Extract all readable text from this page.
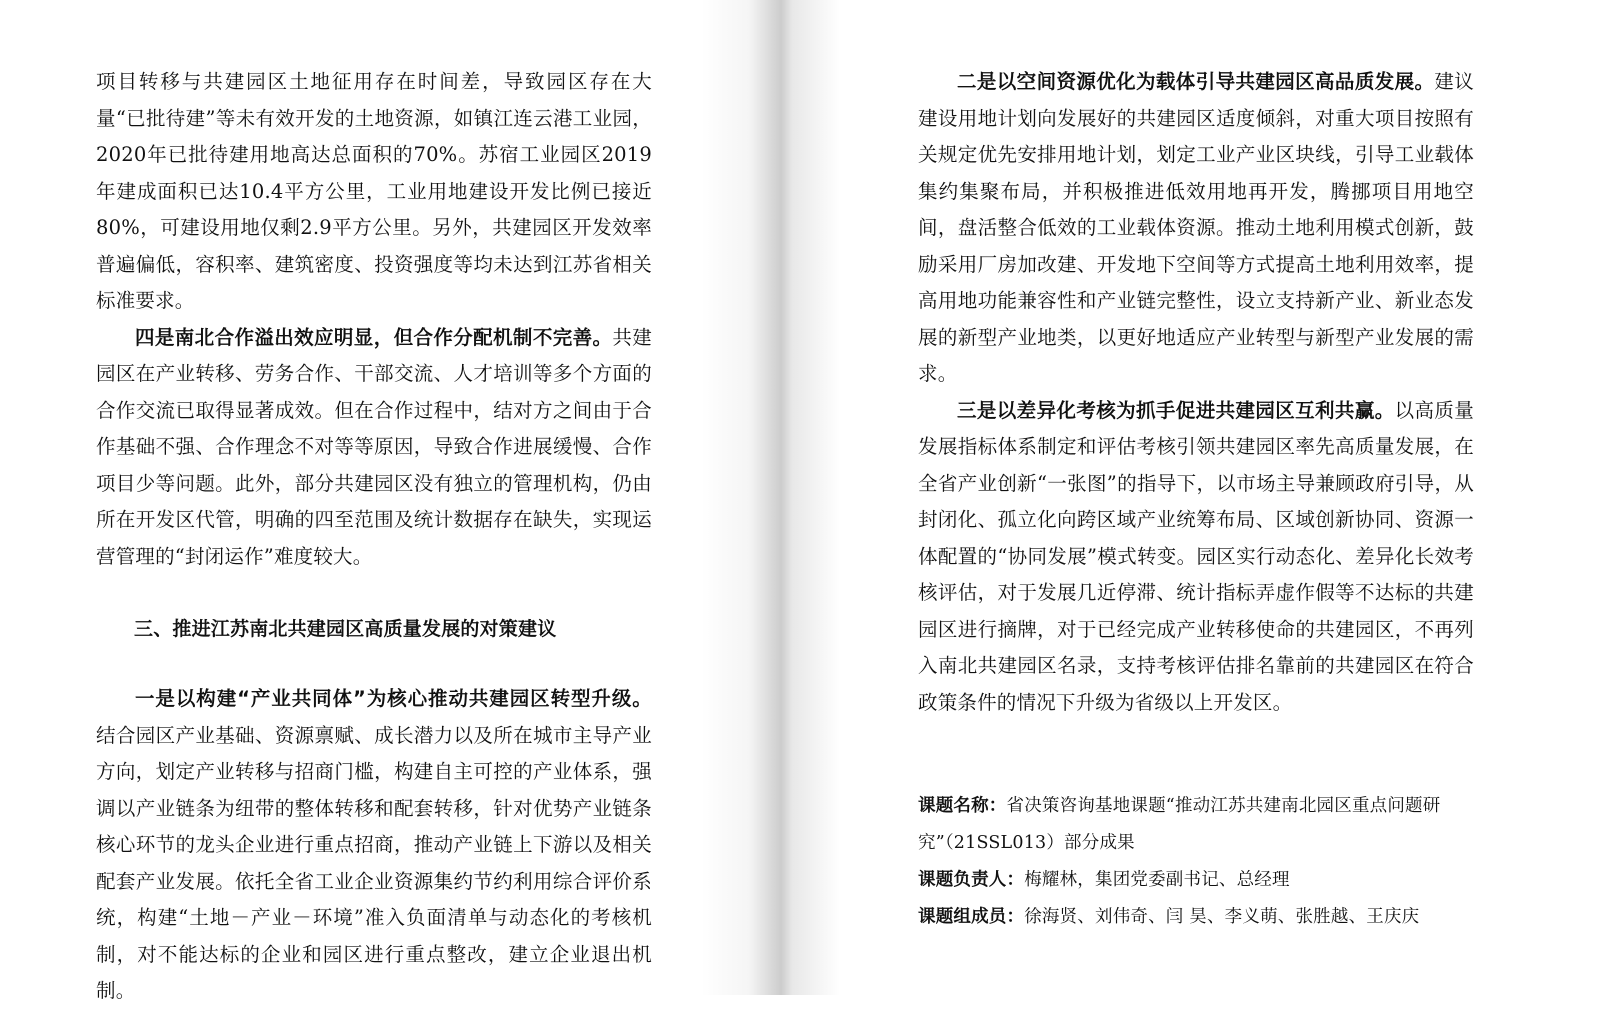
项目转移与共建园区土地征用存在时间差，导致园区存在大量“已批待建”等未有效开发的土地资源，如镇江连云港工业园，2020年已批待建用地高达总面积的70%。苏宿工业园区2019年建成面积已达10.4平方公里，工业用地建设开发比例已接近80%，可建设用地仅剩2.9平方公里。另外，共建园区开发效率普遍偏低，容积率、建筑密度、投资强度等均未达到江苏省相关标准要求。

四是南北合作溢出效应明显，但合作分配机制不完善。共建园区在产业转移、劳务合作、干部交流、人才培训等多个方面的合作交流已取得显著成效。但在合作过程中，结对方之间由于合作基础不强、合作理念不对等等原因，导致合作进展缓慢、合作项目少等问题。此外，部分共建园区没有独立的管理机构，仍由所在开发区代管，明确的四至范围及统计数据存在缺失，实现运营管理的“封闭运作”难度较大。

三、推进江苏南北共建园区高质量发展的对策建议

一是以构建“产业共同体”为核心推动共建园区转型升级。结合园区产业基础、资源禀赋、成长潜力以及所在城市主导产业方向，划定产业转移与招商门槛，构建自主可控的产业体系，强调以产业链条为纽带的整体转移和配套转移，针对优势产业链条核心环节的龙头企业进行重点招商，推动产业链上下游以及相关配套产业发展。依托全省工业企业资源集约节约利用综合评价系统，构建“土地－产业－环境”准入负面清单与动态化的考核机制，对不能达标的企业和园区进行重点整改，建立企业退出机制。

二是以空间资源优化为载体引导共建园区高品质发展。建议建设用地计划向发展好的共建园区适度倾斜，对重大项目按照有关规定优先安排用地计划，划定工业产业区块线，引导工业载体集约集聚布局，并积极推进低效用地再开发，腾挪项目用地空间，盘活整合低效的工业载体资源。推动土地利用模式创新，鼓励采用厂房加改建、开发地下空间等方式提高土地利用效率，提高用地功能兼容性和产业链完整性，设立支持新产业、新业态发展的新型产业地类，以更好地适应产业转型与新型产业发展的需求。

三是以差异化考核为抓手促进共建园区互利共赢。以高质量发展指标体系制定和评估考核引领共建园区率先高质量发展，在全省产业创新“一张图”的指导下，以市场主导兼顾政府引导，从封闭化、孤立化向跨区域产业统筹布局、区域创新协同、资源一体配置的“协同发展”模式转变。园区实行动态化、差异化长效考核评估，对于发展几近停滞、统计指标弄虚作假等不达标的共建园区进行摘牌，对于已经完成产业转移使命的共建园区，不再列入南北共建园区名录，支持考核评估排名靠前的共建园区在符合政策条件的情况下升级为省级以上开发区。

课题名称：省决策咨询基地课题“推动江苏共建南北园区重点问题研究”（21SSL013）部分成果

课题负责人：梅耀林，集团党委副书记、总经理

课题组成员：徐海贤、刘伟奇、闫 昊、李义萌、张胜越、王庆庆
